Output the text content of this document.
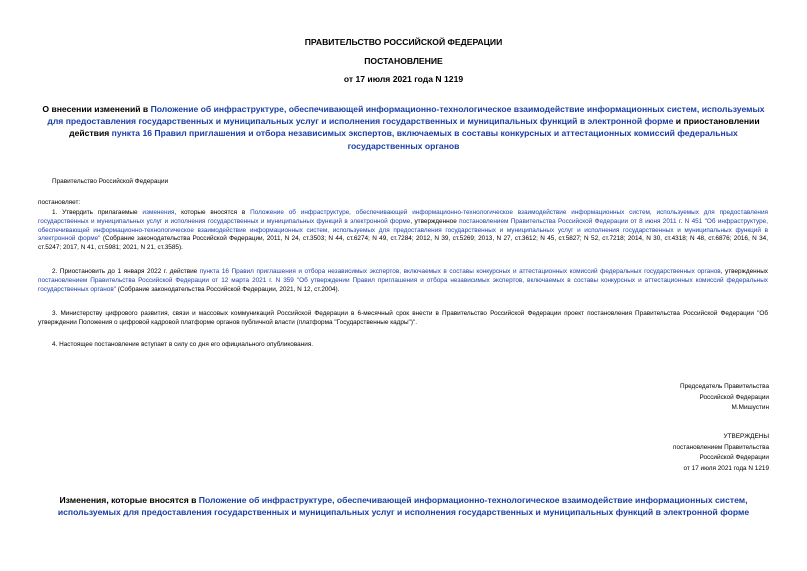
ПРАВИТЕЛЬСТВО РОССИЙСКОЙ ФЕДЕРАЦИИ
ПОСТАНОВЛЕНИЕ
от 17 июля 2021 года N 1219
О внесении изменений в Положение об инфраструктуре, обеспечивающей информационно-технологическое взаимодействие информационных систем, используемых для предоставления государственных и муниципальных услуг и исполнения государственных и муниципальных функций в электронной форме и приостановлении действия пункта 16 Правил приглашения и отбора независимых экспертов, включаемых в составы конкурсных и аттестационных комиссий федеральных государственных органов
Правительство Российской Федерации
постановляет:
1. Утвердить прилагаемые изменения, которые вносятся в Положение об инфраструктуре, обеспечивающей информационно-технологическое взаимодействие информационных систем, используемых для предоставления государственных и муниципальных услуг и исполнения государственных и муниципальных функций в электронной форме, утвержденное постановлением Правительства Российской Федерации от 8 июня 2011 г. N 451 "Об инфраструктуре, обеспечивающей информационно-технологическое взаимодействие информационных систем, используемых для предоставления государственных и муниципальных услуг и исполнения государственных и муниципальных функций в электронной форме" (Собрание законодательства Российской Федерации, 2011, N 24, ст.3503; N 44, ст.6274; N 49, ст.7284; 2012, N 39, ст.5269; 2013, N 27, ст.3612; N 45, ст.5827; N 52, ст.7218; 2014, N 30, ст.4318; N 48, ст.6876; 2016, N 34, ст.5247; 2017, N 41, ст.5981; 2021, N 21, ст.3585).
2. Приостановить до 1 января 2022 г. действие пункта 16 Правил приглашения и отбора независимых экспертов, включаемых в составы конкурсных и аттестационных комиссий федеральных государственных органов, утвержденных постановлением Правительства Российской Федерации от 12 марта 2021 г. N 359 "Об утверждении Правил приглашения и отбора независимых экспертов, включаемых в составы конкурсных и аттестационных комиссий федеральных государственных органов" (Собрание законодательства Российской Федерации, 2021, N 12, ст.2004).
3. Министерству цифрового развития, связи и массовых коммуникаций Российской Федерации в 6-месячный срок внести в Правительство Российской Федерации проект постановления Правительства Российской Федерации "Об утверждении Положения о цифровой кадровой платформе органов публичной власти (платформа "Государственные кадры")".
4. Настоящее постановление вступает в силу со дня его официального опубликования.
Председатель Правительства
Российской Федерации
М.Мишустин
УТВЕРЖДЕНЫ
постановлением Правительства
Российской Федерации
от 17 июля 2021 года N 1219
Изменения, которые вносятся в Положение об инфраструктуре, обеспечивающей информационно-технологическое взаимодействие информационных систем, используемых для предоставления государственных и муниципальных услуг и исполнения государственных и муниципальных функций в электронной форме
